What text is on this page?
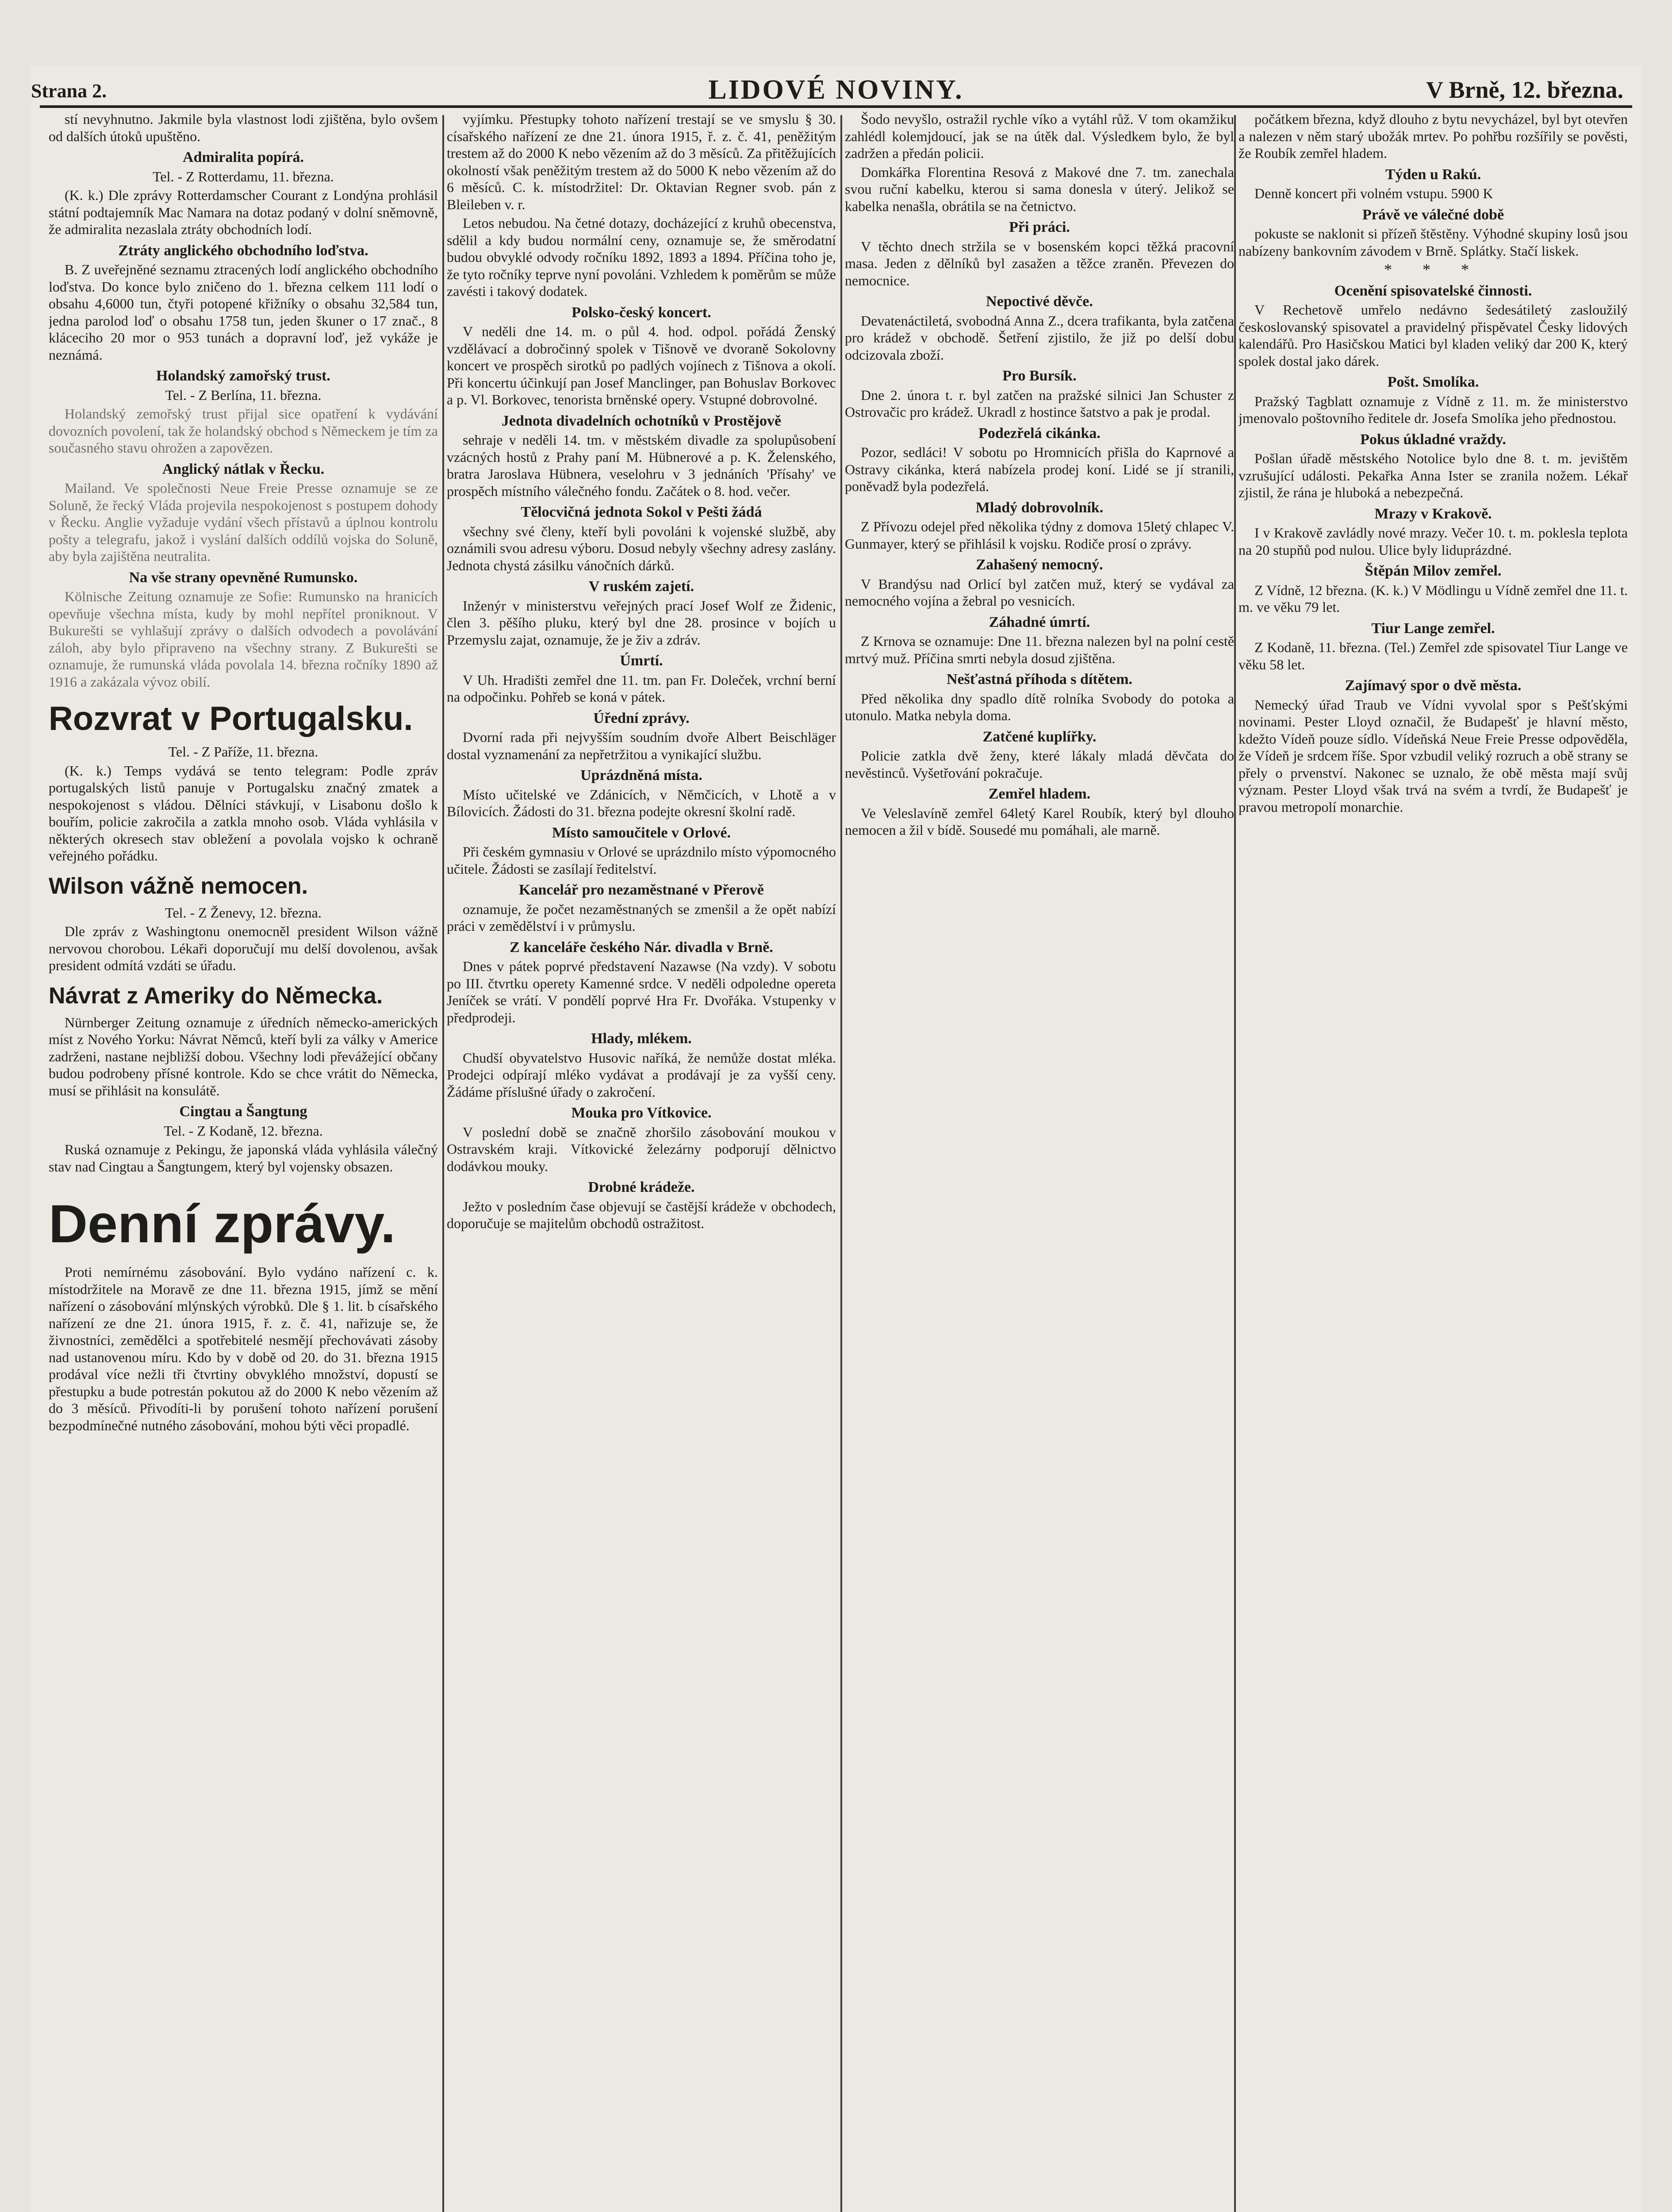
Strana 2.	LIDOVÉ NOVINY.	V Brně, 12. března.

stí nevyhnutno. Jakmile byla vlastnost lodi zjištěna, bylo ovšem od dalších útoků upuštěno.

Admiralita popírá.

Tel. - Z Rotterdamu, 11. března.

(K. k.) Dle zprávy Rotterdamscher Courant z Londýna prohlásil státní podtajemník Mac Namara na dotaz podaný v dolní sněmovně, že admiralita nezaslala ztráty obchodních lodí.

Ztráty anglického obchodního loďstva.

B. Z uveřejněné seznamu ztracených lodí anglického obchodního loďstva. Do konce bylo zničeno do 1. března celkem 111 lodí o obsahu 4,6000 tun, čtyři potopené křižníky o obsahu 32,584 tun, jedna parolod loď o obsahu 1758 tun, jeden škuner o 17 znač., 8 kláceciho 20 mor o 953 tunách a dopravní loď, jež vykáže je neznámá.

Holandský zamořský trust.

Tel. - Z Berlína, 11. března.

Holandský zemořský trust přijal sice opatření k vydávání dovozních povolení, tak že holandský obchod s Německem je tím za současného stavu ohrožen a zapovězen.

Anglický nátlak v Řecku.

Mailand. Ve společnosti Neue Freie Presse oznamuje se ze Soluně, že řecký Vláda projevila nespokojenost s postupem dohody v Řecku. Anglie vyžaduje vydání všech přístavů a úplnou kontrolu pošty a telegrafu, jakož i vyslání dalších oddílů vojska do Soluně, aby byla zajištěna neutralita.

Na vše strany opevněné Rumunsko.

Kölnische Zeitung oznamuje ze Sofie: Rumunsko na hranicích opevňuje všechna místa, kudy by mohl nepřítel proniknout. V Bukurešti se vyhlašují zprávy o dalších odvodech a povolávání záloh, aby bylo připraveno na všechny strany. Z Bukurešti se oznamuje, že rumunská vláda povolala 14. března ročníky 1890 až 1916 a zakázala vývoz obilí.

Rozvrat v Portugalsku.

Tel. - Z Paříže, 11. března.

(K. k.) Temps vydává se tento telegram: Podle zpráv portugalských listů panuje v Portugalsku značný zmatek a nespokojenost s vládou. Dělníci stávkují, v Lisabonu došlo k bouřím, policie zakročila a zatkla mnoho osob. Vláda vyhlásila v některých okresech stav obležení a povolala vojsko k ochraně veřejného pořádku.

Wilson vážně nemocen.

Tel. - Z Ženevy, 12. března.

Dle zpráv z Washingtonu onemocněl president Wilson vážně nervovou chorobou. Lékaři doporučují mu delší dovolenou, avšak president odmítá vzdáti se úřadu.

Návrat z Ameriky do Německa.

Nürnberger Zeitung oznamuje z úředních německo-amerických míst z Nového Yorku: Návrat Němců, kteří byli za války v Americe zadrženi, nastane nejbližší dobou. Všechny lodi převážející občany budou podrobeny přísné kontrole. Kdo se chce vrátit do Německa, musí se přihlásit na konsulátě.

Cingtau a Šangtung

Tel. - Z Kodaně, 12. března.

Ruská oznamuje z Pekingu, že japonská vláda vyhlásila válečný stav nad Cingtau a Šangtungem, který byl vojensky obsazen.

Denní zprávy.

Proti nemírnému zásobování. Bylo vydáno nařízení c. k. místodržitele na Moravě ze dne 11. března 1915, jímž se mění nařízení o zásobování mlýnských výrobků. Dle § 1. lit. b císařského nařízení ze dne 21. února 1915, ř. z. č. 41, nařizuje se, že živnostníci, zemědělci a spotřebitelé nesmějí přechovávati zásoby nad ustanovenou míru. Kdo by v době od 20. do 31. března 1915 prodával více nežli tři čtvrtiny obvyklého množství, dopustí se přestupku a bude potrestán pokutou až do 2000 K nebo vězením až do 3 měsíců. Přivodíti-li by porušení tohoto nařízení porušení bezpodmínečné nutného zásobování, mohou býti věci propadlé.

vyjímku. Přestupky tohoto nařízení trestají se ve smyslu § 30. císařského nařízení ze dne 21. února 1915, ř. z. č. 41, peněžitým trestem až do 2000 K nebo vězením až do 3 měsíců. Za přitěžujících okolností však peněžitým trestem až do 5000 K nebo vězením až do 6 měsíců. C. k. místodržitel: Dr. Oktavian Regner svob. pán z Bleileben v. r.

Letos nebudou. Na četné dotazy, docházející z kruhů obecenstva, sdělil a kdy budou normální ceny, oznamuje se, že směrodatní budou obvyklé odvody ročníku 1892, 1893 a 1894. Příčina toho je, že tyto ročníky teprve nyní povoláni. Vzhledem k poměrům se může zavésti i takový dodatek.

Polsko-český koncert.

V neděli dne 14. m. o půl 4. hod. odpol. pořádá Ženský vzdělávací a dobročinný spolek v Tišnově ve dvoraně Sokolovny koncert ve prospěch sirotků po padlých vojínech z Tišnova a okolí. Při koncertu účinkují pan Josef Manclinger, pan Bohuslav Borkovec a p. Vl. Borkovec, tenorista brněnské opery. Vstupné dobrovolné.

Jednota divadelních ochotníků v Prostějově

sehraje v neděli 14. tm. v městském divadle za spolupůsobení vzácných hostů z Prahy paní M. Hübnerové a p. K. Želenského, bratra Jaroslava Hübnera, veselohru v 3 jednáních 'Přísahy' ve prospěch místního válečného fondu. Začátek o 8. hod. večer.

Tělocvičná jednota Sokol v Pešti žádá

všechny své členy, kteří byli povoláni k vojenské službě, aby oznámili svou adresu výboru. Dosud nebyly všechny adresy zaslány. Jednota chystá zásilku vánočních dárků.

V ruském zajetí.

Inženýr v ministerstvu veřejných prací Josef Wolf ze Židenic, člen 3. pěšího pluku, který byl dne 28. prosince v bojích u Przemyslu zajat, oznamuje, že je živ a zdráv.

Úmrtí.

V Uh. Hradišti zemřel dne 11. tm. pan Fr. Doleček, vrchní berní na odpočinku. Pohřeb se koná v pátek.

Úřední zprávy.

Dvorní rada při nejvyšším soudním dvoře Albert Beischläger dostal vyznamenání za nepřetržitou a vynikající službu.

Uprázdněná místa.

Místo učitelské ve Zdánicích, v Němčicích, v Lhotě a v Bílovicích. Žádosti do 31. března podejte okresní školní radě.

Místo samoučitele v Orlové.

Při českém gymnasiu v Orlové se uprázdnilo místo výpomocného učitele. Žádosti se zasílají ředitelství.

Kancelář pro nezaměstnané v Přerově

oznamuje, že počet nezaměstnaných se zmenšil a že opět nabízí práci v zemědělství i v průmyslu.

Z kanceláře českého Nár. divadla v Brně.

Dnes v pátek poprvé představení Nazawse (Na vzdy). V sobotu po III. čtvrtku operety Kamenné srdce. V neděli odpoledne opereta Jeníček se vrátí. V pondělí poprvé Hra Fr. Dvořáka. Vstupenky v předprodeji.

Hlady, mlékem.

Chudší obyvatelstvo Husovic naříká, že nemůže dostat mléka. Prodejci odpírají mléko vydávat a prodávají je za vyšší ceny. Žádáme příslušné úřady o zakročení.

Mouka pro Vítkovice.

V poslední době se značně zhoršilo zásobování moukou v Ostravském kraji. Vítkovické železárny podporují dělnictvo dodávkou mouky.

Drobné krádeže.

Ježto v posledním čase objevují se častější krádeže v obchodech, doporučuje se majitelům obchodů ostražitost.

Šodo nevyšlo, ostražil rychle víko a vytáhl růž. V tom okamžiku zahlédl kolemjdoucí, jak se na útěk dal. Výsledkem bylo, že byl zadržen a předán policii.

Domkářka Florentina Resová z Makové dne 7. tm. zanechala svou ruční kabelku, kterou si sama donesla v úterý. Jelikož se kabelka nenašla, obrátila se na četnictvo.

Při práci.

V těchto dnech stržila se v bosenském kopci těžká pracovní masa. Jeden z dělníků byl zasažen a těžce zraněn. Převezen do nemocnice.

Nepoctivé děvče.

Devatenáctiletá, svobodná Anna Z., dcera trafikanta, byla zatčena pro krádež v obchodě. Šetření zjistilo, že již po delší dobu odcizovala zboží.

Pro Bursík.

Dne 2. února t. r. byl zatčen na pražské silnici Jan Schuster z Ostrovačic pro krádež. Ukradl z hostince šatstvo a pak je prodal.

Podezřelá cikánka.

Pozor, sedláci! V sobotu po Hromnicích přišla do Kaprnové a Ostravy cikánka, která nabízela prodej koní. Lidé se jí stranili, poněvadž byla podezřelá.

Mladý dobrovolník.

Z Přívozu odejel před několika týdny z domova 15letý chlapec V. Gunmayer, který se přihlásil k vojsku. Rodiče prosí o zprávy.

Zahašený nemocný.

V Brandýsu nad Orlicí byl zatčen muž, který se vydával za nemocného vojína a žebral po vesnicích.

Záhadné úmrtí.

Z Krnova se oznamuje: Dne 11. března nalezen byl na polní cestě mrtvý muž. Příčina smrti nebyla dosud zjištěna.

Nešťastná příhoda s dítětem.

Před několika dny spadlo dítě rolníka Svobody do potoka a utonulo. Matka nebyla doma.

Zatčené kuplířky.

Policie zatkla dvě ženy, které lákaly mladá děvčata do nevěstinců. Vyšetřování pokračuje.

Zemřel hladem.

Ve Veleslavíně zemřel 64letý Karel Roubík, který byl dlouho nemocen a žil v bídě. Sousedé mu pomáhali, ale marně.

počátkem března, když dlouho z bytu nevycházel, byl byt otevřen a nalezen v něm starý ubožák mrtev. Po pohřbu rozšířily se pověsti, že Roubík zemřel hladem.

Týden u Rakú.

Denně koncert při volném vstupu. 5900 K

Právě ve válečné době

pokuste se naklonit si přízeň štěstěny. Výhodné skupiny losů jsou nabízeny bankovním závodem v Brně. Splátky. Stačí liskek.

* * *

Ocenění spisovatelské činnosti.

V Rechetově umřelo nedávno šedesátiletý zasloužilý českoslovanský spisovatel a pravidelný přispěvatel Česky lidových kalendářů. Pro Hasičskou Matici byl kladen veliký dar 200 K, který spolek dostal jako dárek.

Pošt. Smolíka.

Pražský Tagblatt oznamuje z Vídně z 11. m. že ministerstvo jmenovalo poštovního ředitele dr. Josefa Smolíka jeho přednostou.

Pokus úkladné vraždy.

Pošlan úřadě městského Notolice bylo dne 8. t. m. jevištěm vzrušující události. Pekařka Anna Ister se zranila nožem. Lékař zjistil, že rána je hluboká a nebezpečná.

Mrazy v Krakově.

I v Krakově zavládly nové mrazy. Večer 10. t. m. poklesla teplota na 20 stupňů pod nulou. Ulice byly liduprázdné.

Štěpán Milov zemřel.

Z Vídně, 12 března. (K. k.) V Mödlingu u Vídně zemřel dne 11. t. m. ve věku 79 let.

Tiur Lange zemřel.

Z Kodaně, 11. března. (Tel.) Zemřel zde spisovatel Tiur Lange ve věku 58 let.

Zajímavý spor o dvě města.

Nemecký úřad Traub ve Vídni vyvolal spor s Pešťskými novinami. Pester Lloyd označil, že Budapešť je hlavní město, kdežto Vídeň pouze sídlo. Vídeňská Neue Freie Presse odpověděla, že Vídeň je srdcem říše. Spor vzbudil veliký rozruch a obě strany se přely o prvenství. Nakonec se uznalo, že obě města mají svůj význam. Pester Lloyd však trvá na svém a tvrdí, že Budapešť je pravou metropolí monarchie.
